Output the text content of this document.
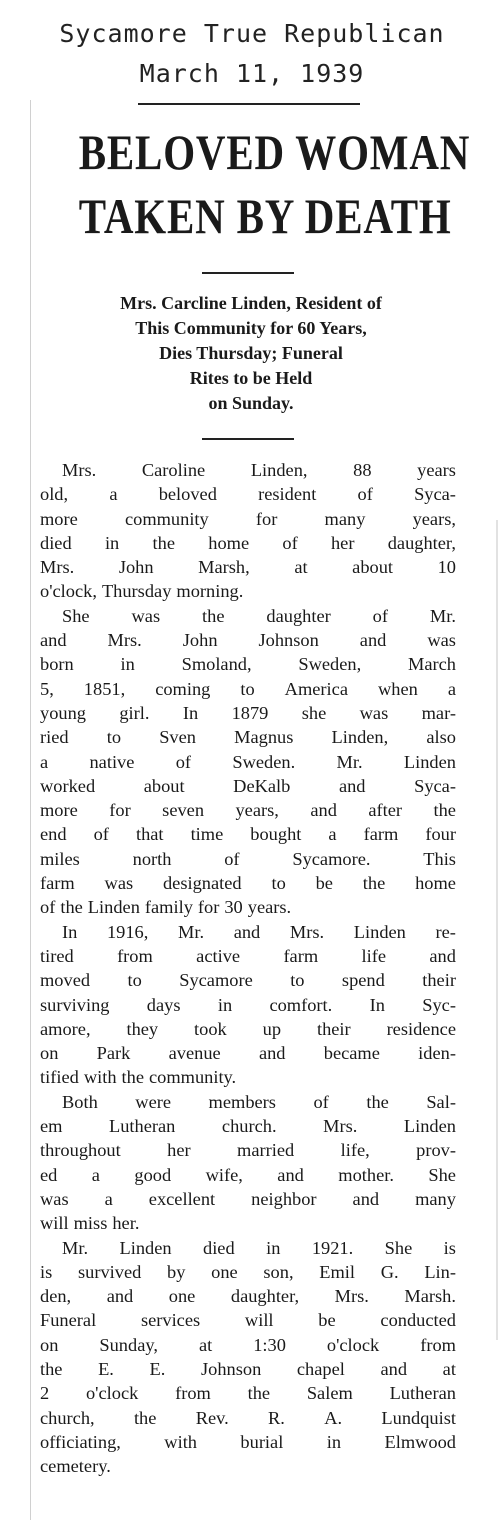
Sycamore True Republican
March 11, 1939
BELOVED WOMAN
TAKEN BY DEATH
Mrs. Carcline Linden, Resident of
This Community for 60 Years,
Dies Thursday; Funeral
Rites to be Held
on Sunday.
Mrs. Caroline Linden, 88 years
old, a beloved resident of Syca-
more	community	for	many	years,
died in the home of her daughter,
Mrs. John Marsh, at about 10
o'clock, Thursday morning.
She was the daughter of Mr.
and Mrs. John Johnson and was
born	in	Smoland,	Sweden,	March
5, 1851, coming to America when a
young girl. In 1879 she was mar-
ried to Sven Magnus Linden, also
a native of Sweden. Mr. Linden
worked	about	DeKalb	and	Syca-
more for seven years, and after the
end of that time bought a farm four
miles	north	of	Sycamore.	This
farm was designated to be the home
of the Linden family for 30 years.
In 1916, Mr. and Mrs. Linden re-
tired from active farm life and
moved to Sycamore to spend their
surviving days in comfort. In Syc-
amore, they took up their residence
on Park avenue and became iden-
tified with the community.
Both were members of the Sal-
em	Lutheran	church.	Mrs.	Linden
throughout	her	married	life,	prov-
ed a good wife, and mother. She
was a excellent neighbor and many
will miss her.
Mr. Linden died in 1921. She is
is survived by one son, Emil G. Lin-
den, and one daughter, Mrs. Marsh.
Funeral services will be conducted
on Sunday, at 1:30 o'clock from
the E. E. Johnson chapel and at
2 o'clock from the Salem Lutheran
church, the Rev. R. A. Lundquist
officiating, with burial in Elmwood
cemetery.
